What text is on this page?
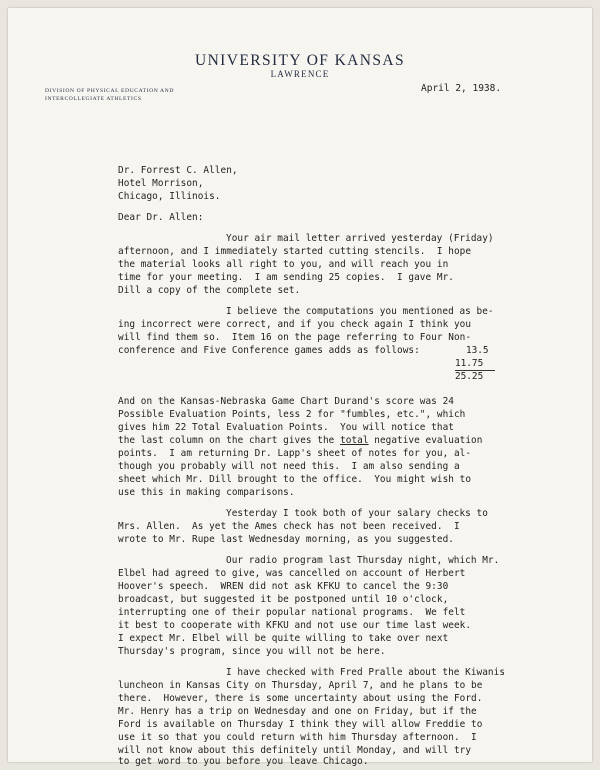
UNIVERSITY OF KANSAS
LAWRENCE
DIVISION OF PHYSICAL EDUCATION AND
INTERCOLLEGIATE ATHLETICS
April 2, 1938.
Dr. Forrest C. Allen,
Hotel Morrison,
Chicago, Illinois.
Dear Dr. Allen:
Your air mail letter arrived yesterday (Friday)
afternoon, and I immediately started cutting stencils.  I hope
the material looks all right to you, and will reach you in
time for your meeting.  I am sending 25 copies.  I gave Mr.
Dill a copy of the complete set.
I believe the computations you mentioned as be-
ing incorrect were correct, and if you check again I think you
will find them so.  Item 16 on the page referring to Four Non-
conference and Five Conference games adds as follows:	13.5
11.75
25.25
And on the Kansas-Nebraska Game Chart Durand's score was 24
Possible Evaluation Points, less 2 for "fumbles, etc.", which
gives him 22 Total Evaluation Points.  You will notice that
the last column on the chart gives the total negative evaluation
points.  I am returning Dr. Lapp's sheet of notes for you, al-
though you probably will not need this.  I am also sending a
sheet which Mr. Dill brought to the office.  You might wish to
use this in making comparisons.
Yesterday I took both of your salary checks to
Mrs. Allen.  As yet the Ames check has not been received.  I
wrote to Mr. Rupe last Wednesday morning, as you suggested.
Our radio program last Thursday night, which Mr.
Elbel had agreed to give, was cancelled on account of Herbert
Hoover's speech.  WREN did not ask KFKU to cancel the 9:30
broadcast, but suggested it be postponed until 10 o'clock,
interrupting one of their popular national programs.  We felt
it best to cooperate with KFKU and not use our time last week.
I expect Mr. Elbel will be quite willing to take over next
Thursday's program, since you will not be here.
I have checked with Fred Pralle about the Kiwanis
luncheon in Kansas City on Thursday, April 7, and he plans to be
there.  However, there is some uncertainty about using the Ford.
Mr. Henry has a trip on Wednesday and one on Friday, but if the
Ford is available on Thursday I think they will allow Freddie to
use it so that you could return with him Thursday afternoon.  I
will not know about this definitely until Monday, and will try
to get word to you before you leave Chicago.
